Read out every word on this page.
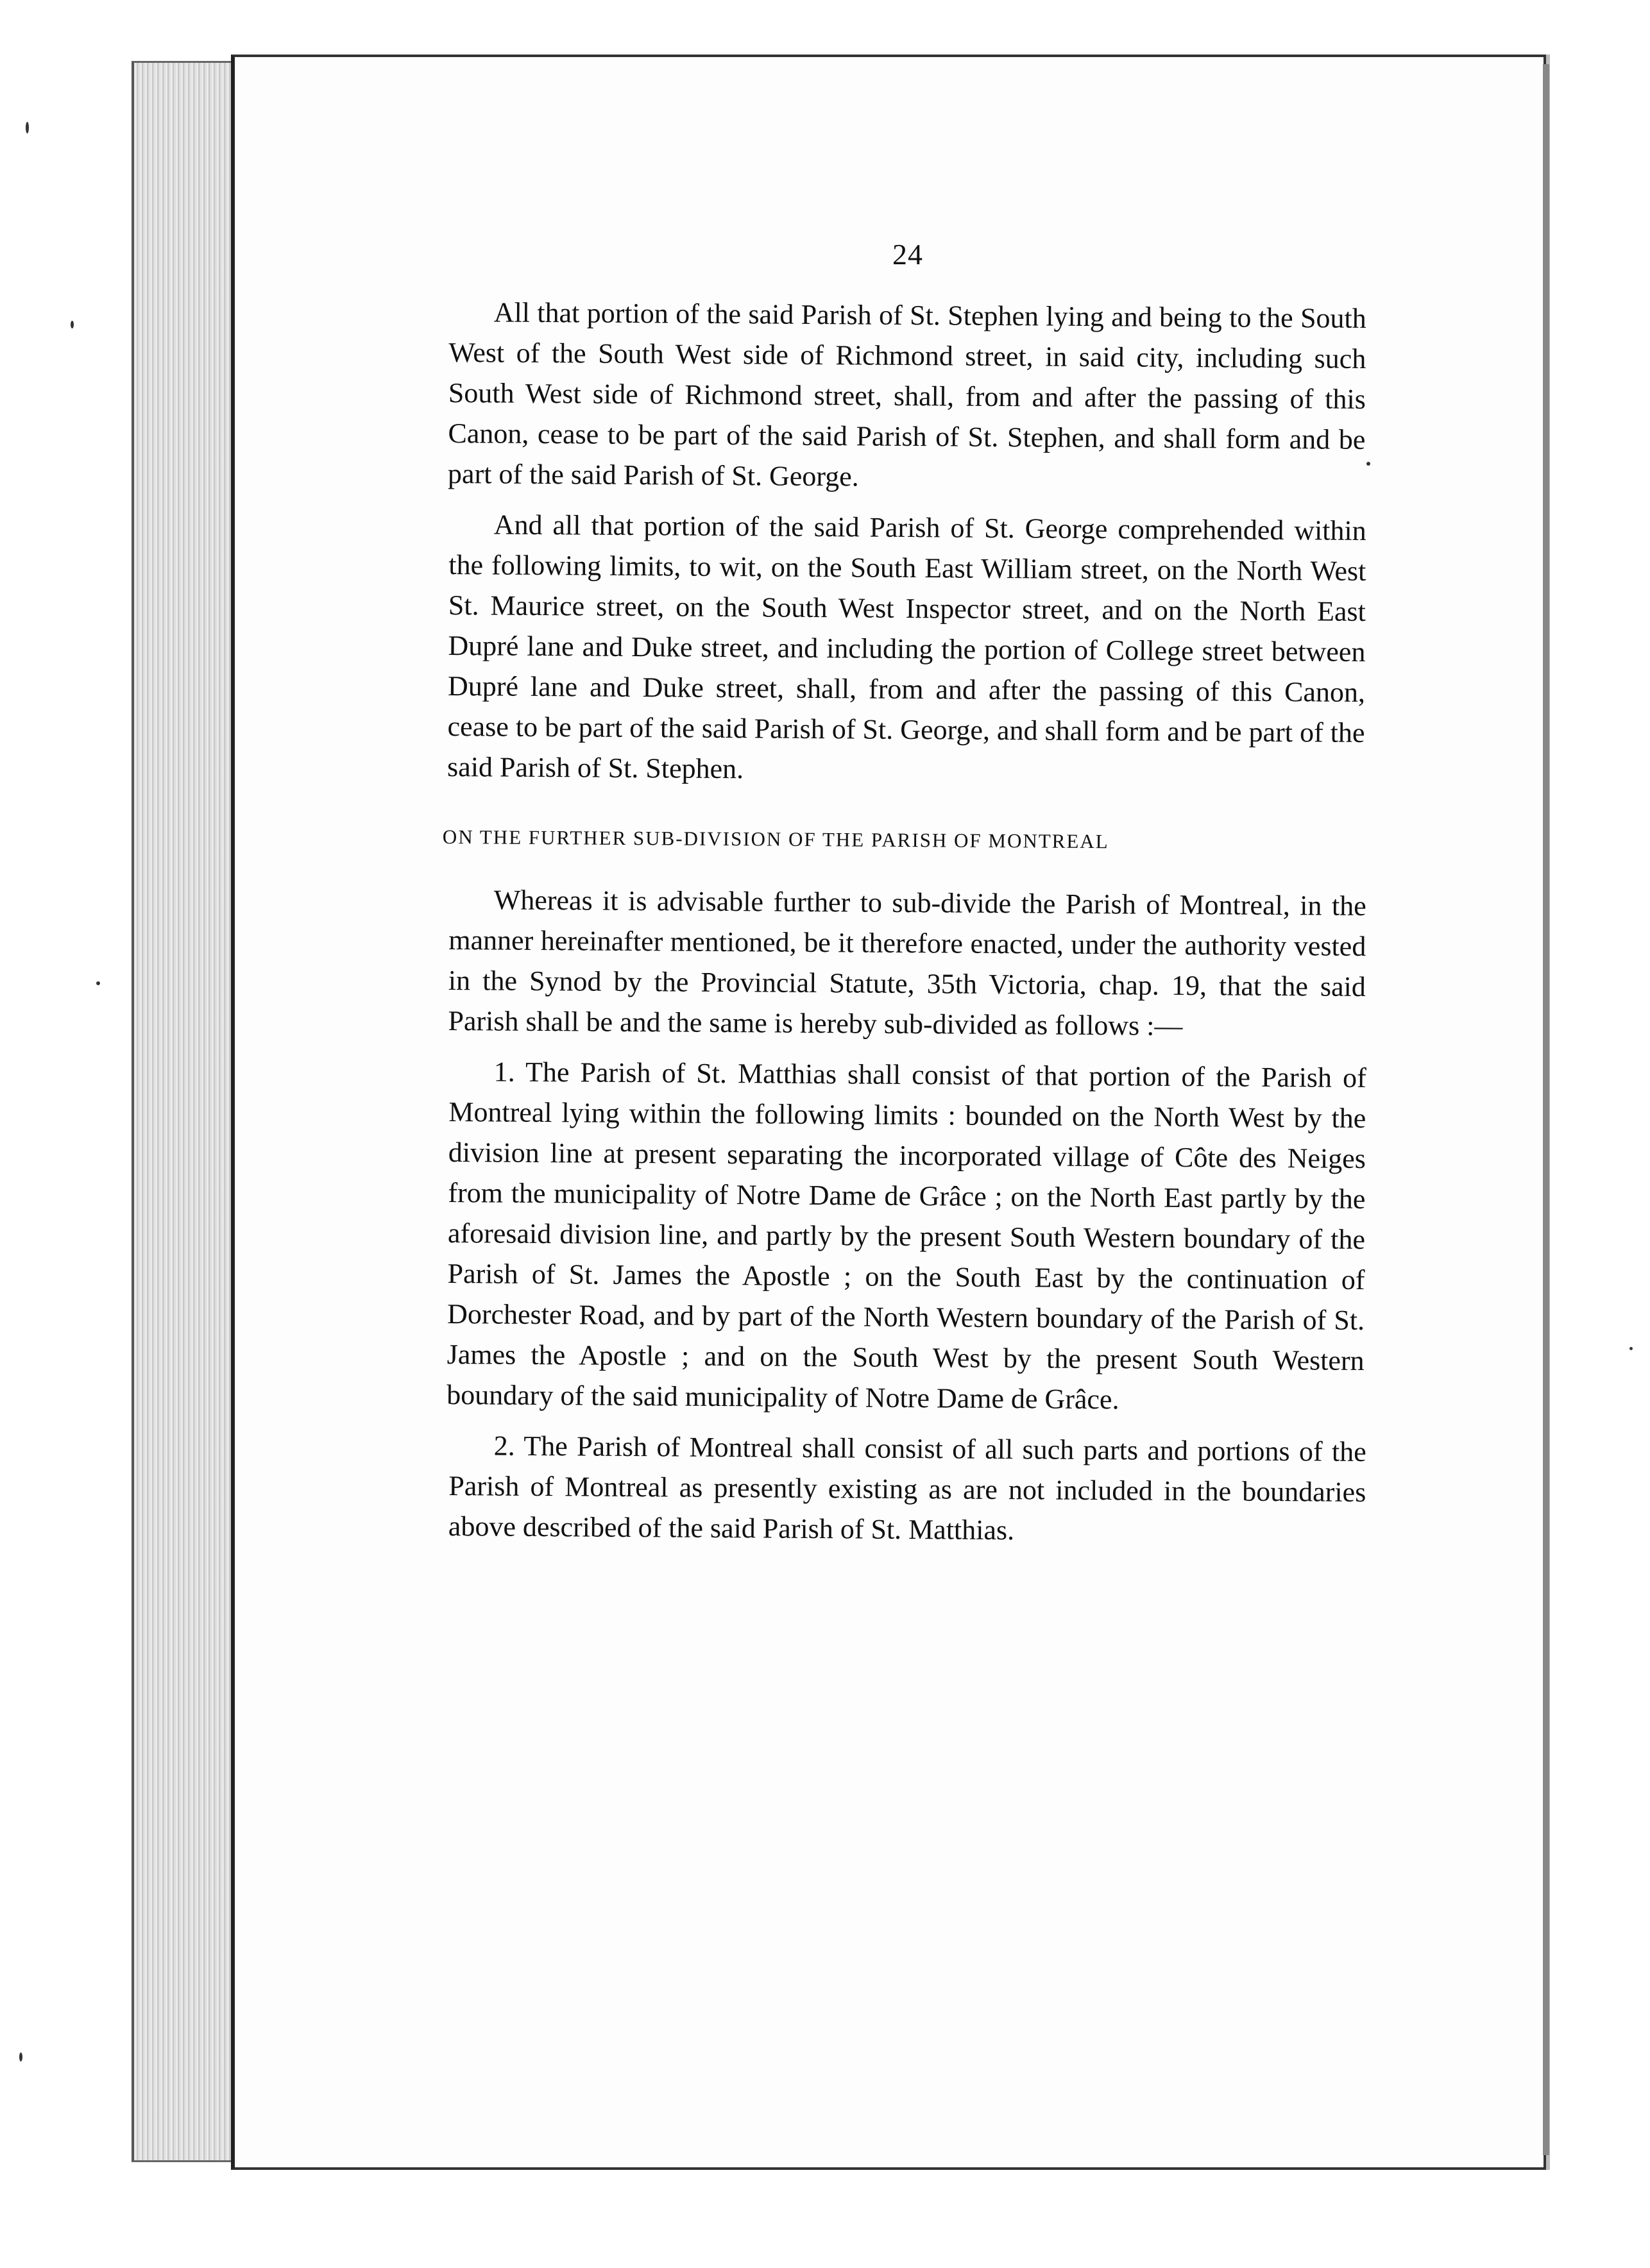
24

All that portion of the said Parish of St. Stephen lying and being to the South West of the South West side of Richmond street, in said city, including such South West side of Richmond street, shall, from and after the passing of this Canon, cease to be part of the said Parish of St. Stephen, and shall form and be part of the said Parish of St. George.

And all that portion of the said Parish of St. George comprehended within the following limits, to wit, on the South East William street, on the North West St. Maurice street, on the South West Inspector street, and on the North East Dupré lane and Duke street, and including the portion of College street between Dupré lane and Duke street, shall, from and after the passing of this Canon, cease to be part of the said Parish of St. George, and shall form and be part of the said Parish of St. Stephen.

ON THE FURTHER SUB-DIVISION OF THE PARISH OF MONTREAL

Whereas it is advisable further to sub-divide the Parish of Montreal, in the manner hereinafter mentioned, be it therefore enacted, under the authority vested in the Synod by the Provincial Statute, 35th Victoria, chap. 19, that the said Parish shall be and the same is hereby sub-divided as follows :—

1. The Parish of St. Matthias shall consist of that portion of the Parish of Montreal lying within the following limits : bounded on the North West by the division line at present separating the incorporated village of Côte des Neiges from the municipality of Notre Dame de Grâce ; on the North East partly by the aforesaid division line, and partly by the present South Western boundary of the Parish of St. James the Apostle ; on the South East by the continuation of Dorchester Road, and by part of the North Western boundary of the Parish of St. James the Apostle ; and on the South West by the present South Western boundary of the said municipality of Notre Dame de Grâce.

2. The Parish of Montreal shall consist of all such parts and portions of the Parish of Montreal as presently existing as are not included in the boundaries above described of the said Parish of St. Matthias.
